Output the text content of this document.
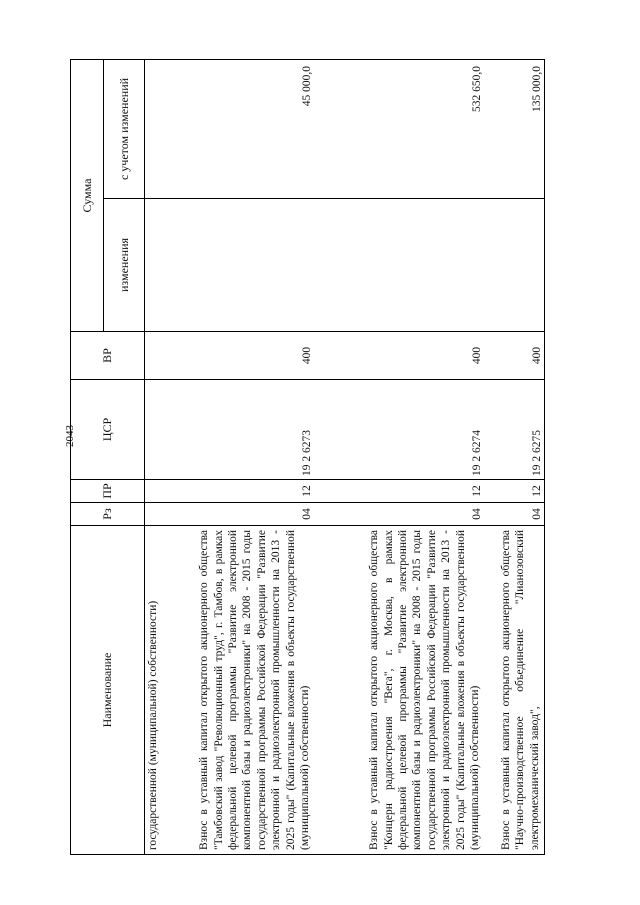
2043
Наименование	Рз	ПР	ЦСР	ВР	Сумма	
					изменения	с учетом изменений
государственной (муниципальной) собственности)						
Взнос в уставный капитал открытого акционерного общества "Тамбовский завод "Революционный труд", г. Тамбов, в рамках федеральной целевой программы "Развитие электронной компонентной базы и радиоэлектроники" на 2008 - 2015 годы государственной программы Российской Федерации "Развитие электронной и радиоэлектронной промышленности на 2013 - 2025 годы" (Капитальные вложения в объекты государственной (муниципальной) собственности)	04	12	19 2 6273	400		45 000,0
Взнос в уставный капитал открытого акционерного общества "Концерн радиостроения "Вега", г. Москва, в рамках федеральной целевой программы "Развитие электронной компонентной базы и радиоэлектроники" на 2008 - 2015 годы государственной программы Российской Федерации "Развитие электронной и радиоэлектронной промышленности на 2013 - 2025 годы" (Капитальные вложения в объекты государственной (муниципальной) собственности)	04	12	19 2 6274	400		532 650,0
Взнос в уставный капитал открытого акционерного общества "Научно-производственное объединение "Лианозовский электромеханический завод",	04	12	19 2 6275	400		135 000,0
